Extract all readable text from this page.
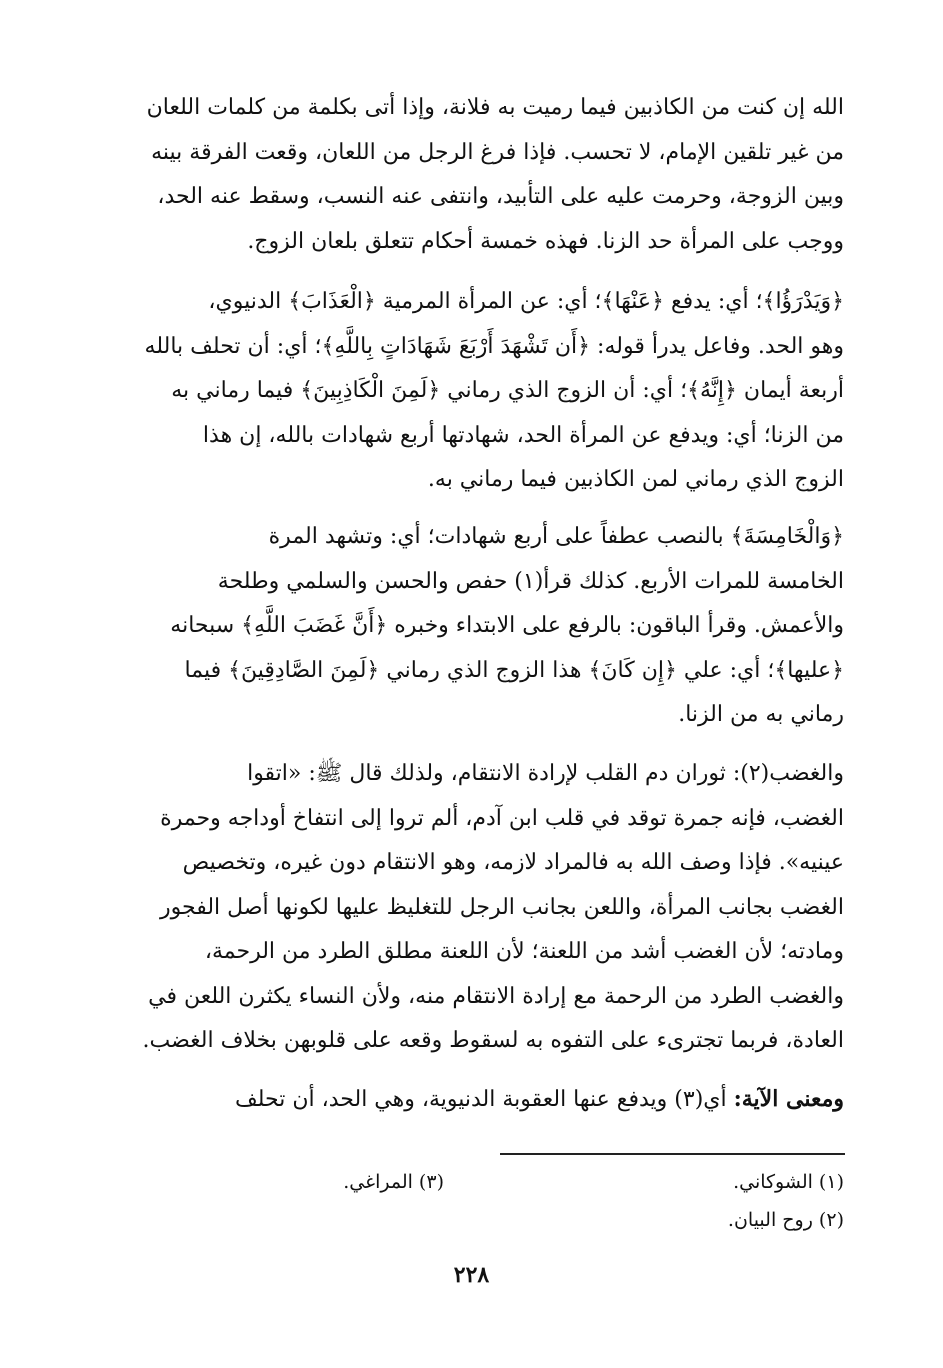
الله إن كنت من الكاذبين فيما رميت به فلانة، وإذا أتى بكلمة من كلمات اللعان
من غير تلقين الإمام، لا تحسب. فإذا فرغ الرجل من اللعان، وقعت الفرقة بينه
وبين الزوجة، وحرمت عليه على التأبيد، وانتفى عنه النسب، وسقط عنه الحد،
ووجب على المرأة حد الزنا. فهذه خمسة أحكام تتعلق بلعان الزوج.
﴿وَيَدْرَؤُا﴾؛ أي: يدفع ﴿عَنْهَا﴾؛ أي: عن المرأة المرمية ﴿الْعَذَابَ﴾ الدنيوي،
وهو الحد. وفاعل يدرأ قوله: ﴿أَن تَشْهَدَ أَرْبَعَ شَهَادَاتٍ بِاللَّهِ﴾؛ أي: أن تحلف بالله
أربعة أيمان ﴿إِنَّهُ﴾؛ أي: أن الزوج الذي رماني ﴿لَمِنَ الْكَاذِبِينَ﴾ فيما رماني به
من الزنا؛ أي: ويدفع عن المرأة الحد، شهادتها أربع شهادات بالله، إن هذا
الزوج الذي رماني لمن الكاذبين فيما رماني به.
﴿وَالْخَامِسَةَ﴾ بالنصب عطفاً على أربع شهادات؛ أي: وتشهد المرة
الخامسة للمرات الأربع. كذلك قرأ(١) حفص والحسن والسلمي وطلحة
والأعمش. وقرأ الباقون: بالرفع على الابتداء وخبره ﴿أَنَّ غَضَبَ اللَّهِ﴾ سبحانه
﴿عليها﴾؛ أي: علي ﴿إِن كَانَ﴾ هذا الزوج الذي رماني ﴿لَمِنَ الصَّادِقِينَ﴾ فيما
رماني به من الزنا.
والغضب(٢): ثوران دم القلب لإرادة الانتقام، ولذلك قال ﷺ: «اتقوا
الغضب، فإنه جمرة توقد في قلب ابن آدم، ألم تروا إلى انتفاخ أوداجه وحمرة
عينيه». فإذا وصف الله به فالمراد لازمه، وهو الانتقام دون غيره، وتخصيص
الغضب بجانب المرأة، واللعن بجانب الرجل للتغليظ عليها لكونها أصل الفجور
ومادته؛ لأن الغضب أشد من اللعنة؛ لأن اللعنة مطلق الطرد من الرحمة،
والغضب الطرد من الرحمة مع إرادة الانتقام منه، ولأن النساء يكثرن اللعن في
العادة، فربما تجترىء على التفوه به لسقوط وقعه على قلوبهن بخلاف الغضب.
ومعنى الآية: أي(٣) ويدفع عنها العقوبة الدنيوية، وهي الحد، أن تحلف
(١) الشوكاني.
(٣) المراغي.
(٢) روح البيان.
٢٢٨
